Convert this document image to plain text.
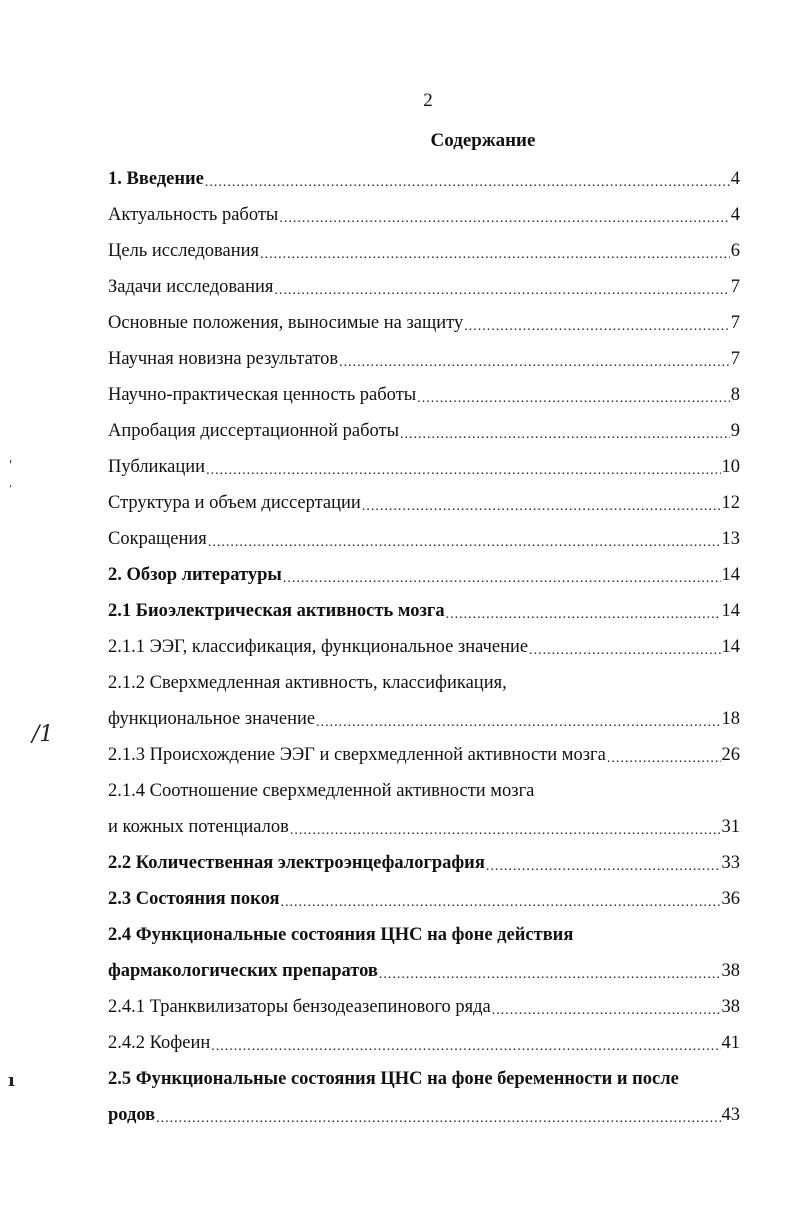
2
Содержание
'
,
/1
ı
1. Введение .....	4
Актуальность работы .....	4
Цель исследования .....	6
Задачи исследования .....	7
Основные положения, выносимые на защиту .....	7
Научная новизна результатов .....	7
Научно-практическая ценность работы .....	8
Апробация диссертационной работы .....	9
Публикации .....	10
Структура и объем диссертации .....	12
Сокращения .....	13
2. Обзор литературы .....	14
2.1 Биоэлектрическая активность мозга .....	14
2.1.1 ЭЭГ, классификация, функциональное значение .....	14
2.1.2 Сверхмедленная активность, классификация,
функциональное значение .....	18
2.1.3 Происхождение ЭЭГ и сверхмедленной активности мозга .....	26
2.1.4 Соотношение сверхмедленной активности мозга
и кожных потенциалов .....	31
2.2 Количественная электроэнцефалография .....	33
2.3 Состояния покоя .....	36
2.4 Функциональные состояния ЦНС на фоне действия
фармакологических препаратов .....	38
2.4.1 Транквилизаторы бензодеазепинового ряда .....	38
2.4.2 Кофеин .....	41
2.5 Функциональные состояния ЦНС на фоне беременности и после
родов .....	43
